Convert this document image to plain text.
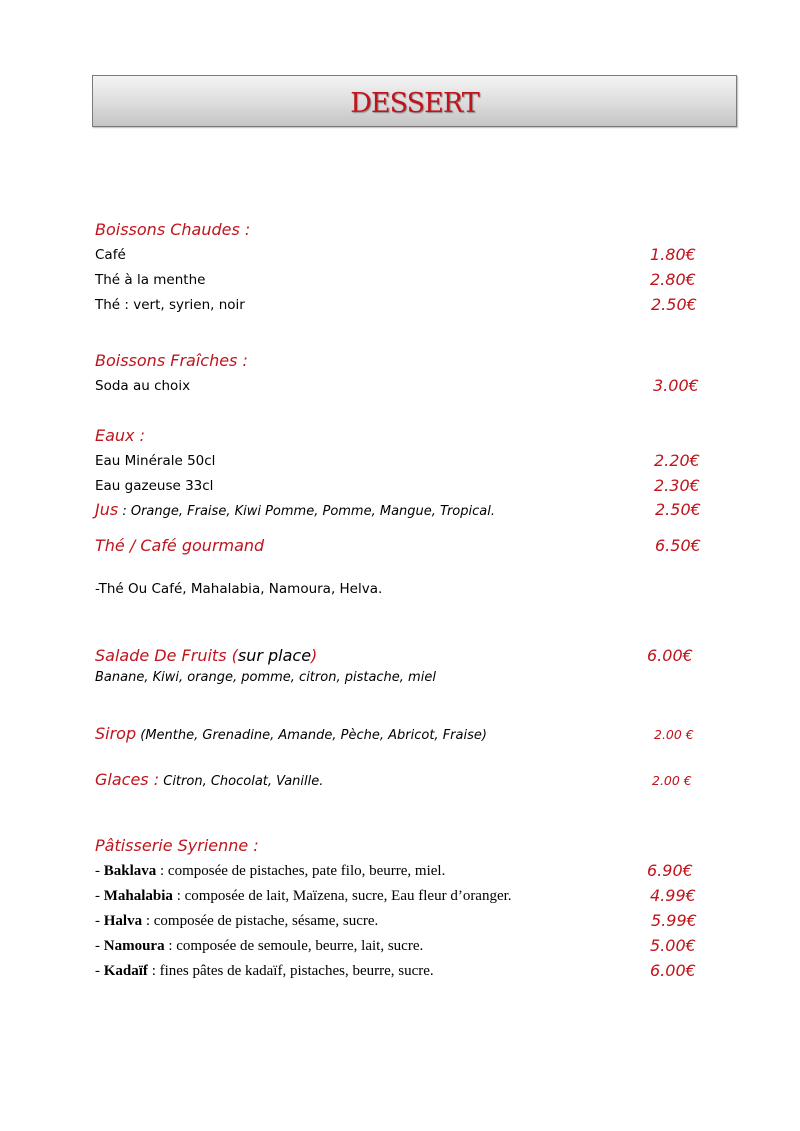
DESSERT
Boissons Chaudes :
Café	1.80€
Thé à la menthe	2.80€
Thé : vert, syrien, noir	2.50€
Boissons Fraîches :
Soda au choix	3.00€
Eaux :
Eau Minérale 50cl	2.20€
Eau gazeuse 33cl	2.30€
Jus : Orange, Fraise, Kiwi Pomme, Pomme, Mangue, Tropical.	2.50€
Thé / Café gourmand	6.50€
-Thé Ou Café, Mahalabia, Namoura, Helva.
Salade De Fruits (sur place)	6.00€
Banane, Kiwi, orange, pomme, citron, pistache, miel
Sirop (Menthe, Grenadine, Amande, Pèche, Abricot, Fraise)	2.00 €
Glaces : Citron, Chocolat, Vanille.	2.00 €
Pâtisserie Syrienne :
- Baklava : composée de pistaches, pate filo, beurre, miel.	6.90€
- Mahalabia : composée de lait, Maïzena, sucre, Eau fleur d’oranger.	4.99€
- Halva : composée de pistache, sésame, sucre.	5.99€
- Namoura : composée de semoule, beurre, lait, sucre.	5.00€
- Kadaïf : fines pâtes de kadaïf, pistaches, beurre, sucre.	6.00€
